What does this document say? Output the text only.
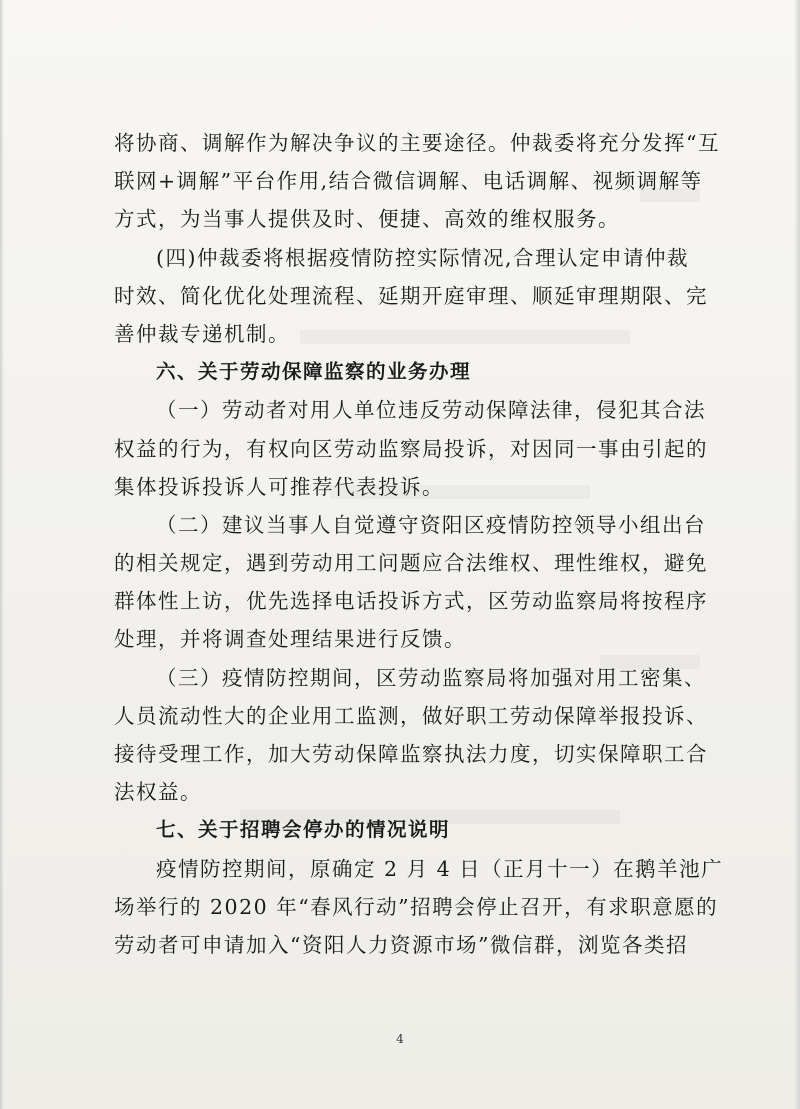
将协商、调解作为解决争议的主要途径。仲裁委将充分发挥“互
联网+调解”平台作用,结合微信调解、电话调解、视频调解等
方式，为当事人提供及时、便捷、高效的维权服务。
(四)仲裁委将根据疫情防控实际情况,合理认定申请仲裁
时效、简化优化处理流程、延期开庭审理、顺延审理期限、完
善仲裁专递机制。
六、关于劳动保障监察的业务办理
（一）劳动者对用人单位违反劳动保障法律，侵犯其合法
权益的行为，有权向区劳动监察局投诉，对因同一事由引起的
集体投诉投诉人可推荐代表投诉。
（二）建议当事人自觉遵守资阳区疫情防控领导小组出台
的相关规定，遇到劳动用工问题应合法维权、理性维权，避免
群体性上访，优先选择电话投诉方式，区劳动监察局将按程序
处理，并将调查处理结果进行反馈。
（三）疫情防控期间，区劳动监察局将加强对用工密集、
人员流动性大的企业用工监测，做好职工劳动保障举报投诉、
接待受理工作，加大劳动保障监察执法力度，切实保障职工合
法权益。
七、关于招聘会停办的情况说明
疫情防控期间，原确定 2 月 4 日（正月十一）在鹅羊池广
场举行的 2020 年“春风行动”招聘会停止召开，有求职意愿的
劳动者可申请加入“资阳人力资源市场”微信群，浏览各类招
4
